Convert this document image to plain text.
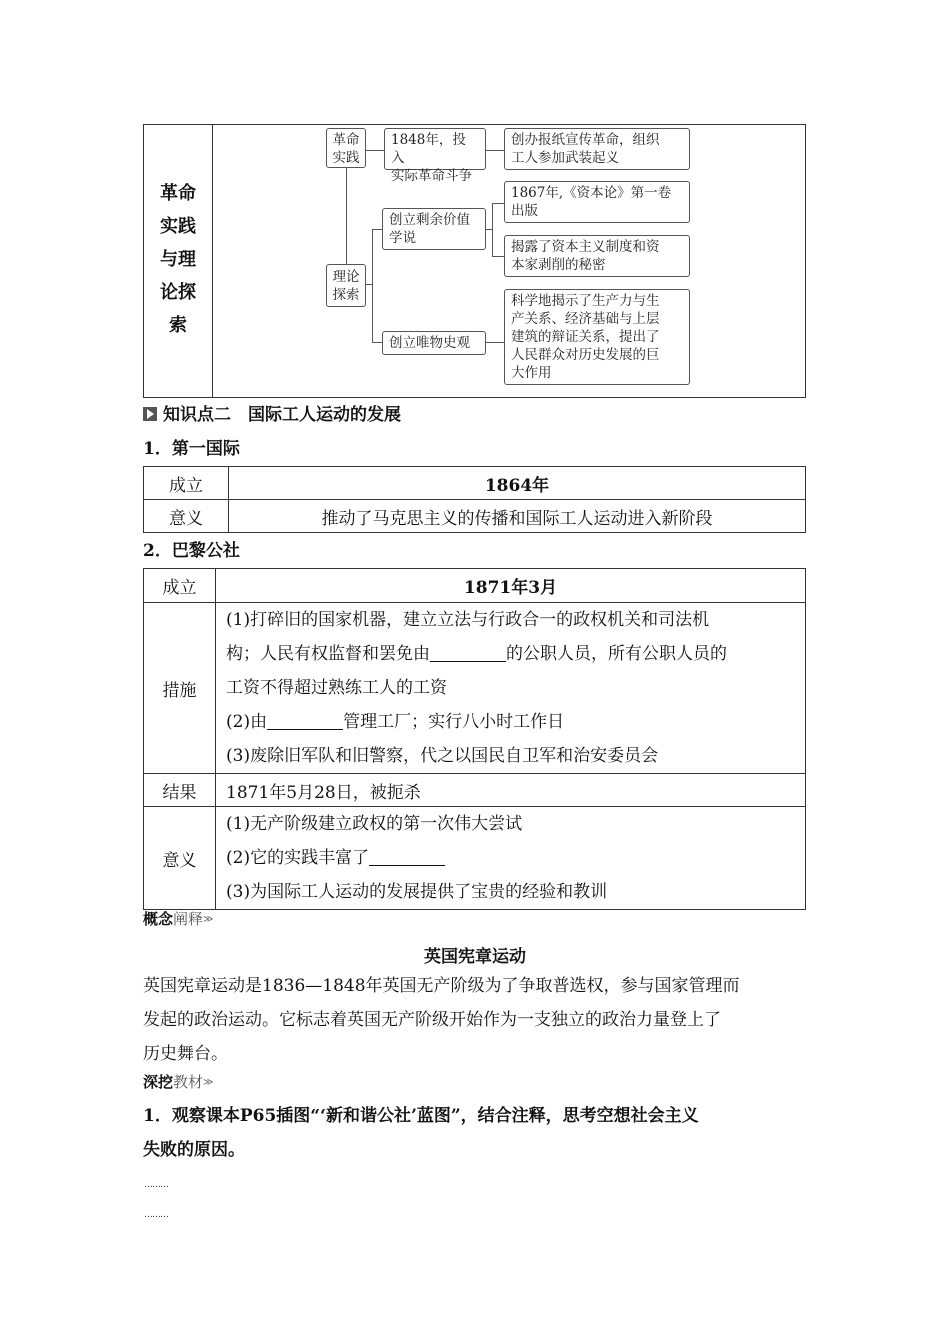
革命
实践
与理
论探
索
革命
实践
1848年，投入
实际革命斗争
创办报纸宣传革命，组织
工人参加武装起义
理论
探索
创立剩余价值
学说
1867年,《资本论》第一卷
出版
揭露了资本主义制度和资
本家剥削的秘密
创立唯物史观
科学地揭示了生产力与生
产关系、经济基础与上层
建筑的辩证关系，提出了
人民群众对历史发展的巨
大作用
知识点二　国际工人运动的发展
1．第一国际
成立	1864年
意义	推动了马克思主义的传播和国际工人运动进入新阶段
2．巴黎公社
成立	1871年3月
措施	(1)打碎旧的国家机器，建立立法与行政合一的政权机关和司法机
构；人民有权监督和罢免由 的公职人员，所有公职人员的
工资不得超过熟练工人的工资
(2)由 管理工厂；实行八小时工作日
(3)废除旧军队和旧警察，代之以国民自卫军和治安委员会

结果	1871年5月28日，被扼杀
意义	(1)无产阶级建立政权的第一次伟大尝试
(2)它的实践丰富了
(3)为国际工人运动的发展提供了宝贵的经验和教训
概念阐释≫
英国宪章运动
英国宪章运动是1836—1848年英国无产阶级为了争取普选权，参与国家管理而
发起的政治运动。它标志着英国无产阶级开始作为一支独立的政治力量登上了
历史舞台。
深挖教材≫
1．观察课本P65插图“‘新和谐公社’蓝图”，结合注释，思考空想社会主义
失败的原因。
………
………
